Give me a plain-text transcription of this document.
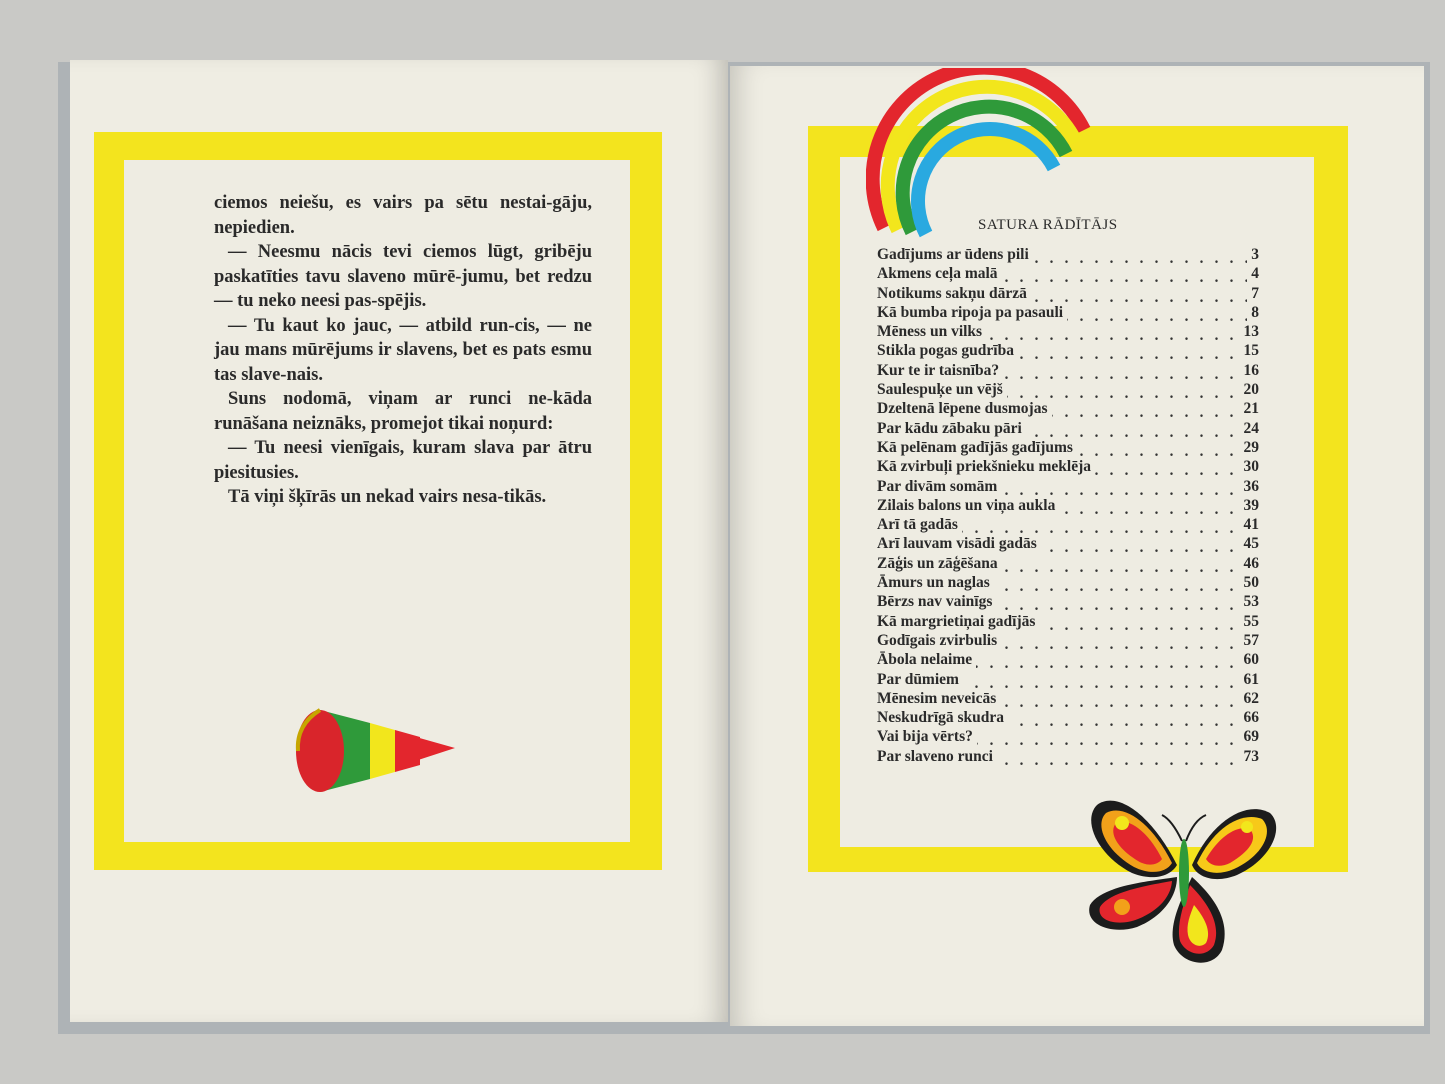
ciemos neiešu, es vairs pa sētu nestai-gāju, nepiedien.

— Neesmu nācis tevi ciemos lūgt, gribēju paskatīties tavu slaveno mūrē-jumu, bet redzu — tu neko neesi pas-spējis.

— Tu kaut ko jauc, — atbild run-cis, — ne jau mans mūrējums ir slavens, bet es pats esmu tas slave-nais.

Suns nodomā, viņam ar runci ne-kāda runāšana neiznāks, promejot tikai noņurd:

— Tu neesi vienīgais, kuram slava par ātru piesitusies.

Tā viņi šķīrās un nekad vairs nesa-tikās.

SATURA RĀDĪTĀJS
Gadījums ar ūdens pili	3
Akmens ceļa malā	4
Notikums sakņu dārzā	7
Kā bumba ripoja pa pasauli	8
Mēness un vilks	13
Stikla pogas gudrība	15
Kur te ir taisnība?	16
Saulespuķe un vējš	20
Dzeltenā lēpene dusmojas	21
Par kādu zābaku pāri	24
Kā pelēnam gadījās gadījums	29
Kā zvirbuļi priekšnieku meklēja	30
Par divām somām	36
Zilais balons un viņa aukla	39
Arī tā gadās	41
Arī lauvam visādi gadās	45
Zāģis un zāģēšana	46
Āmurs un naglas	50
Bērzs nav vainīgs	53
Kā margrietiņai gadījās	55
Godīgais zvirbulis	57
Ābola nelaime	60
Par dūmiem	61
Mēnesim neveicās	62
Neskudrīgā skudra	66
Vai bija vērts?	69
Par slaveno runci	73
